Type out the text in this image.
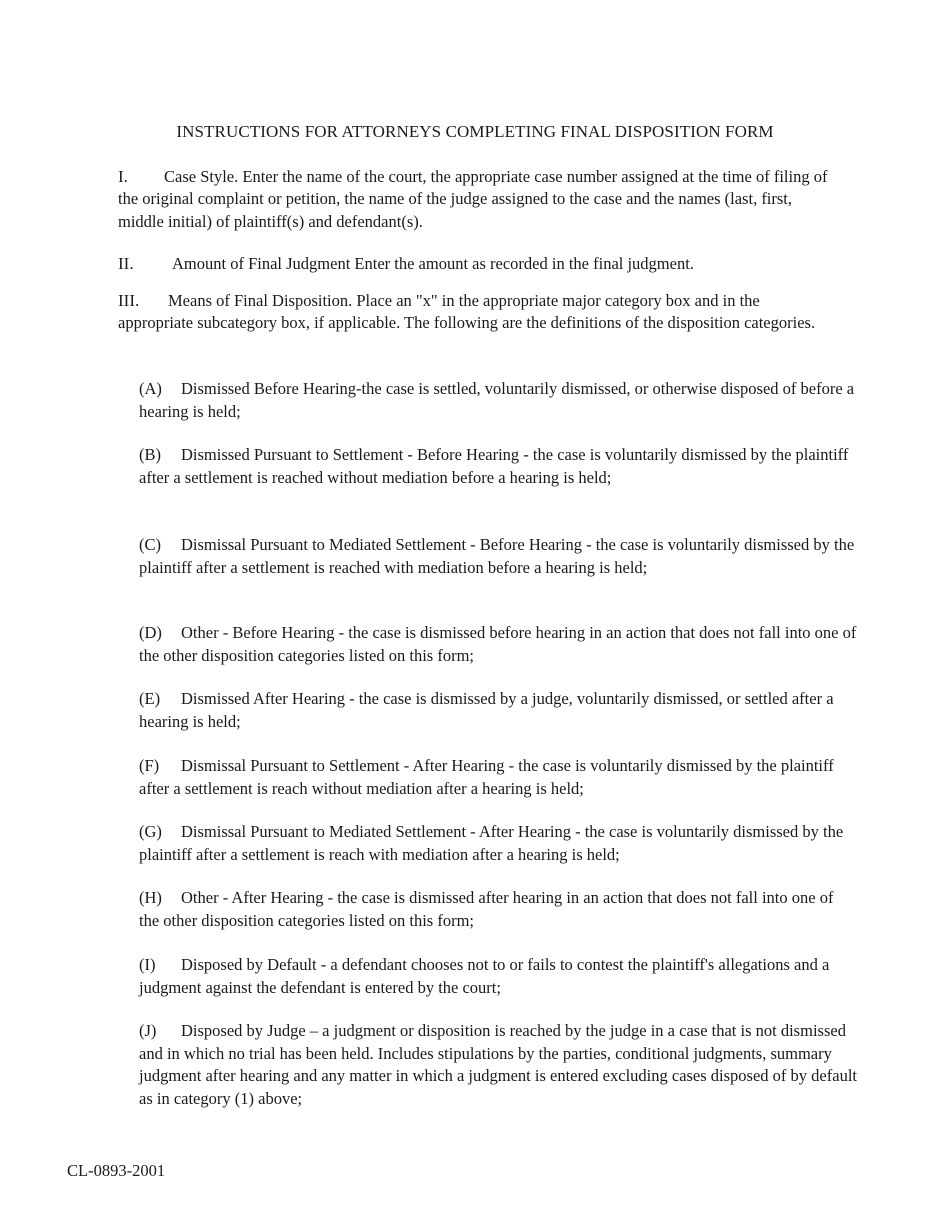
INSTRUCTIONS FOR ATTORNEYS COMPLETING FINAL DISPOSITION FORM
I. Case Style. Enter the name of the court, the appropriate case number assigned at the time of filing of the original complaint or petition, the name of the judge assigned to the case and the names (last, first, middle initial) of plaintiff(s) and defendant(s).
II. Amount of Final Judgment Enter the amount as recorded in the final judgment.
III. Means of Final Disposition. Place an "x" in the appropriate major category box and in the appropriate subcategory box, if applicable. The following are the definitions of the disposition categories.
(A) Dismissed Before Hearing-the case is settled, voluntarily dismissed, or otherwise disposed of before a hearing is held;
(B) Dismissed Pursuant to Settlement - Before Hearing - the case is voluntarily dismissed by the plaintiff after a settlement is reached without mediation before a hearing is held;
(C) Dismissal Pursuant to Mediated Settlement - Before Hearing - the case is voluntarily dismissed by the plaintiff after a settlement is reached with mediation before a hearing is held;
(D) Other - Before Hearing - the case is dismissed before hearing in an action that does not fall into one of the other disposition categories listed on this form;
(E) Dismissed After Hearing - the case is dismissed by a judge, voluntarily dismissed, or settled after a hearing is held;
(F) Dismissal Pursuant to Settlement - After Hearing - the case is voluntarily dismissed by the plaintiff after a settlement is reach without mediation after a hearing is held;
(G) Dismissal Pursuant to Mediated Settlement - After Hearing - the case is voluntarily dismissed by the plaintiff after a settlement is reach with mediation after a hearing is held;
(H) Other - After Hearing - the case is dismissed after hearing in an action that does not fall into one of the other disposition categories listed on this form;
(I) Disposed by Default - a defendant chooses not to or fails to contest the plaintiff's allegations and a judgment against the defendant is entered by the court;
(J) Disposed by Judge – a judgment or disposition is reached by the judge in a case that is not dismissed and in which no trial has been held. Includes stipulations by the parties, conditional judgments, summary judgment after hearing and any matter in which a judgment is entered excluding cases disposed of by default as in category (1) above;
CL-0893-2001
